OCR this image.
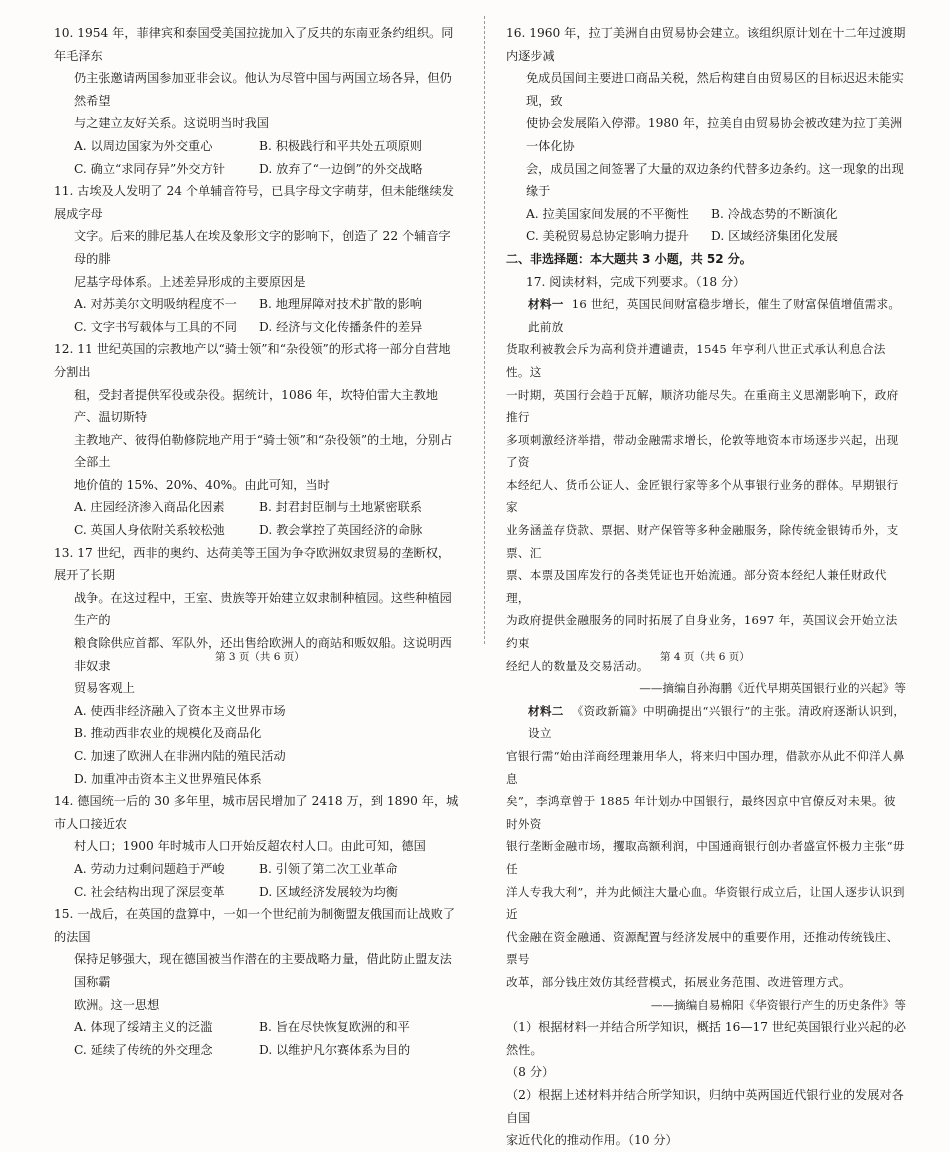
10. 1954 年，菲律宾和泰国受美国拉拢加入了反共的东南亚条约组织。同年毛泽东
仍主张邀请两国参加亚非会议。他认为尽管中国与两国立场各异，但仍然希望
与之建立友好关系。这说明当时我国
A. 以周边国家为外交重心	B. 积极践行和平共处五项原则
C. 确立“求同存异”外交方针	D. 放弃了“一边倒”的外交战略
11. 古埃及人发明了 24 个单辅音符号，已具字母文字萌芽，但未能继续发展成字母
文字。后来的腓尼基人在埃及象形文字的影响下，创造了 22 个辅音字母的腓
尼基字母体系。上述差异形成的主要原因是
A. 对苏美尔文明吸纳程度不一	B. 地理屏障对技术扩散的影响
C. 文字书写载体与工具的不同	D. 经济与文化传播条件的差异
12. 11 世纪英国的宗教地产以“骑士领”和“杂役领”的形式将一部分自营地分割出
租，受封者提供军役或杂役。据统计，1086 年，坎特伯雷大主教地产、温切斯特
主教地产、彼得伯勒修院地产用于“骑士领”和“杂役领”的土地，分别占全部土
地价值的 15%、20%、40%。由此可知，当时
A. 庄园经济渗入商品化因素	B. 封君封臣制与土地紧密联系
C. 英国人身依附关系较松弛	D. 教会掌控了英国经济的命脉
13. 17 世纪，西非的奥约、达荷美等王国为争夺欧洲奴隶贸易的垄断权，展开了长期
战争。在这过程中，王室、贵族等开始建立奴隶制种植园。这些种植园生产的
粮食除供应首都、军队外，还出售给欧洲人的商站和贩奴船。这说明西非奴隶
贸易客观上
A. 使西非经济融入了资本主义世界市场
B. 推动西非农业的规模化及商品化
C. 加速了欧洲人在非洲内陆的殖民活动
D. 加重冲击资本主义世界殖民体系
14. 德国统一后的 30 多年里，城市居民增加了 2418 万，到 1890 年，城市人口接近农
村人口；1900 年时城市人口开始反超农村人口。由此可知，德国
A. 劳动力过剩问题趋于严峻	B. 引领了第二次工业革命
C. 社会结构出现了深层变革	D. 区域经济发展较为均衡
15. 一战后，在英国的盘算中，一如一个世纪前为制衡盟友俄国而让战败了的法国
保持足够强大，现在德国被当作潜在的主要战略力量，借此防止盟友法国称霸
欧洲。这一思想
A. 体现了绥靖主义的泛滥	B. 旨在尽快恢复欧洲的和平
C. 延续了传统的外交理念	D. 以维护凡尔赛体系为目的
16. 1960 年，拉丁美洲自由贸易协会建立。该组织原计划在十二年过渡期内逐步减
免成员国间主要进口商品关税，然后构建自由贸易区的目标迟迟未能实现，致
使协会发展陷入停滞。1980 年，拉美自由贸易协会被改建为拉丁美洲一体化协
会，成员国之间签署了大量的双边条约代替多边条约。这一现象的出现缘于
A. 拉美国家间发展的不平衡性	B. 冷战态势的不断演化
C. 美税贸易总协定影响力提升	D. 区域经济集团化发展
二、非选择题：本大题共 3 小题，共 52 分。
17. 阅读材料，完成下列要求。（18 分）
材料一 16 世纪，英国民间财富稳步增长，催生了财富保值增值需求。此前放
货取利被教会斥为高利贷并遭谴责，1545 年亨利八世正式承认利息合法性。这
一时期，英国行会趋于瓦解，顺济功能尽失。在重商主义思潮影响下，政府推行
多项刺激经济举措，带动金融需求增长，伦敦等地资本市场逐步兴起，出现了资
本经纪人、货币公证人、金匠银行家等多个从事银行业务的群体。早期银行家
业务涵盖存贷款、票据、财产保管等多种金融服务，除传统金银铸币外，支票、汇
票、本票及国库发行的各类凭证也开始流通。部分资本经纪人兼任财政代理，
为政府提供金融服务的同时拓展了自身业务，1697 年，英国议会开始立法约束
经纪人的数量及交易活动。
——摘编自孙海鹏《近代早期英国银行业的兴起》等
材料二 《资政新篇》中明确提出“兴银行”的主张。清政府逐渐认识到，设立
官银行需“始由洋商经理兼用华人，将来归中国办理，借款亦从此不仰洋人鼻息
矣”，李鸿章曾于 1885 年计划办中国银行，最终因京中官僚反对未果。彼时外资
银行垄断金融市场，攫取高额利润，中国通商银行创办者盛宣怀极力主张“毋任
洋人专我大利”，并为此倾注大量心血。华资银行成立后，让国人逐步认识到近
代金融在资金融通、资源配置与经济发展中的重要作用，还推动传统钱庄、票号
改革，部分钱庄效仿其经营模式，拓展业务范围、改进管理方式。
——摘编自易棉阳《华资银行产生的历史条件》等
（1）根据材料一并结合所学知识，概括 16—17 世纪英国银行业兴起的必然性。
（8 分）
（2）根据上述材料并结合所学知识，归纳中英两国近代银行业的发展对各自国
家近代化的推动作用。（10 分）
第 3 页（共 6 页）	第 4 页（共 6 页）
